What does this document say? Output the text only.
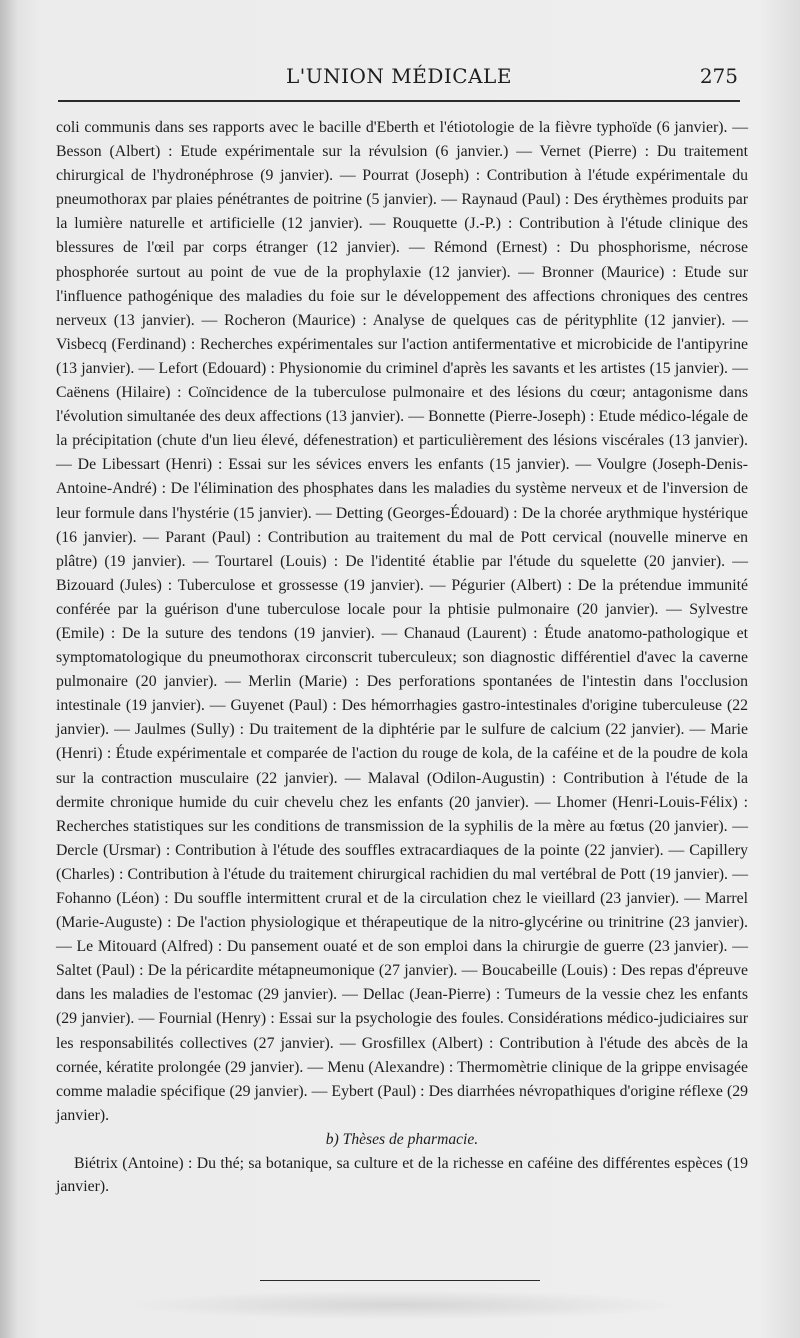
L'UNION MÉDICALE	275

coli communis dans ses rapports avec le bacille d'Eberth et l'étiotologie de la fièvre typhoïde (6 janvier). — Besson (Albert) : Etude expérimentale sur la révulsion (6 janvier.) — Vernet (Pierre) : Du traitement chirurgical de l'hydronéphrose (9 janvier). — Pourrat (Joseph) : Contribution à l'étude expérimentale du pneumothorax par plaies pénétrantes de poitrine (5 janvier). — Raynaud (Paul) : Des érythèmes produits par la lumière naturelle et artificielle (12 janvier). — Rouquette (J.-P.) : Contribution à l'étude clinique des blessures de l'œil par corps étranger (12 janvier). — Rémond (Ernest) : Du phosphorisme, nécrose phosphorée surtout au point de vue de la prophylaxie (12 janvier). — Bronner (Maurice) : Etude sur l'influence pathogénique des maladies du foie sur le développement des affections chroniques des centres nerveux (13 janvier). — Rocheron (Maurice) : Analyse de quelques cas de pérityphlite (12 janvier). — Visbecq (Ferdinand) : Recherches expérimentales sur l'action antifermentative et microbicide de l'antipyrine (13 janvier). — Lefort (Edouard) : Physionomie du criminel d'après les savants et les artistes (15 janvier). — Caënens (Hilaire) : Coïncidence de la tuberculose pulmonaire et des lésions du cœur; antagonisme dans l'évolution simultanée des deux affections (13 janvier). — Bonnette (Pierre-Joseph) : Etude médico-légale de la précipitation (chute d'un lieu élevé, défenestration) et particulièrement des lésions viscérales (13 janvier). — De Libessart (Henri) : Essai sur les sévices envers les enfants (15 janvier). — Voulgre (Joseph-Denis-Antoine-André) : De l'élimination des phosphates dans les maladies du système nerveux et de l'inversion de leur formule dans l'hystérie (15 janvier). — Detting (Georges-Édouard) : De la chorée arythmique hystérique (16 janvier). — Parant (Paul) : Contribution au traitement du mal de Pott cervical (nouvelle minerve en plâtre) (19 janvier). — Tourtarel (Louis) : De l'identité établie par l'étude du squelette (20 janvier). — Bizouard (Jules) : Tuberculose et grossesse (19 janvier). — Pégurier (Albert) : De la prétendue immunité conférée par la guérison d'une tuberculose locale pour la phtisie pulmonaire (20 janvier). — Sylvestre (Emile) : De la suture des tendons (19 janvier). — Chanaud (Laurent) : Étude anatomo-pathologique et symptomatologique du pneumothorax circonscrit tuberculeux; son diagnostic différentiel d'avec la caverne pulmonaire (20 janvier). — Merlin (Marie) : Des perforations spontanées de l'intestin dans l'occlusion intestinale (19 janvier). — Guyenet (Paul) : Des hémorrhagies gastro-intestinales d'origine tuberculeuse (22 janvier). — Jaulmes (Sully) : Du traitement de la diphtérie par le sulfure de calcium (22 janvier). — Marie (Henri) : Étude expérimentale et comparée de l'action du rouge de kola, de la caféine et de la poudre de kola sur la contraction musculaire (22 janvier). — Malaval (Odilon-Augustin) : Contribution à l'étude de la dermite chronique humide du cuir chevelu chez les enfants (20 janvier). — Lhomer (Henri-Louis-Félix) : Recherches statistiques sur les conditions de transmission de la syphilis de la mère au fœtus (20 janvier). — Dercle (Ursmar) : Contribution à l'étude des souffles extracardiaques de la pointe (22 janvier). — Capillery (Charles) : Contribution à l'étude du traitement chirurgical rachidien du mal vertébral de Pott (19 janvier). — Fohanno (Léon) : Du souffle intermittent crural et de la circulation chez le vieillard (23 janvier). — Marrel (Marie-Auguste) : De l'action physiologique et thérapeutique de la nitro-glycérine ou trinitrine (23 janvier). — Le Mitouard (Alfred) : Du pansement ouaté et de son emploi dans la chirurgie de guerre (23 janvier). — Saltet (Paul) : De la péricardite métapneumonique (27 janvier). — Boucabeille (Louis) : Des repas d'épreuve dans les maladies de l'estomac (29 janvier). — Dellac (Jean-Pierre) : Tumeurs de la vessie chez les enfants (29 janvier). — Fournial (Henry) : Essai sur la psychologie des foules. Considérations médico-judiciaires sur les responsabilités collectives (27 janvier). — Grosfillex (Albert) : Contribution à l'étude des abcès de la cornée, kératite prolongée (29 janvier). — Menu (Alexandre) : Thermomètrie clinique de la grippe envisagée comme maladie spécifique (29 janvier). — Eybert (Paul) : Des diarrhées névropathiques d'origine réflexe (29 janvier).

b) Thèses de pharmacie.

Biétrix (Antoine) : Du thé; sa botanique, sa culture et de la richesse en caféine des différentes espèces (19 janvier).
